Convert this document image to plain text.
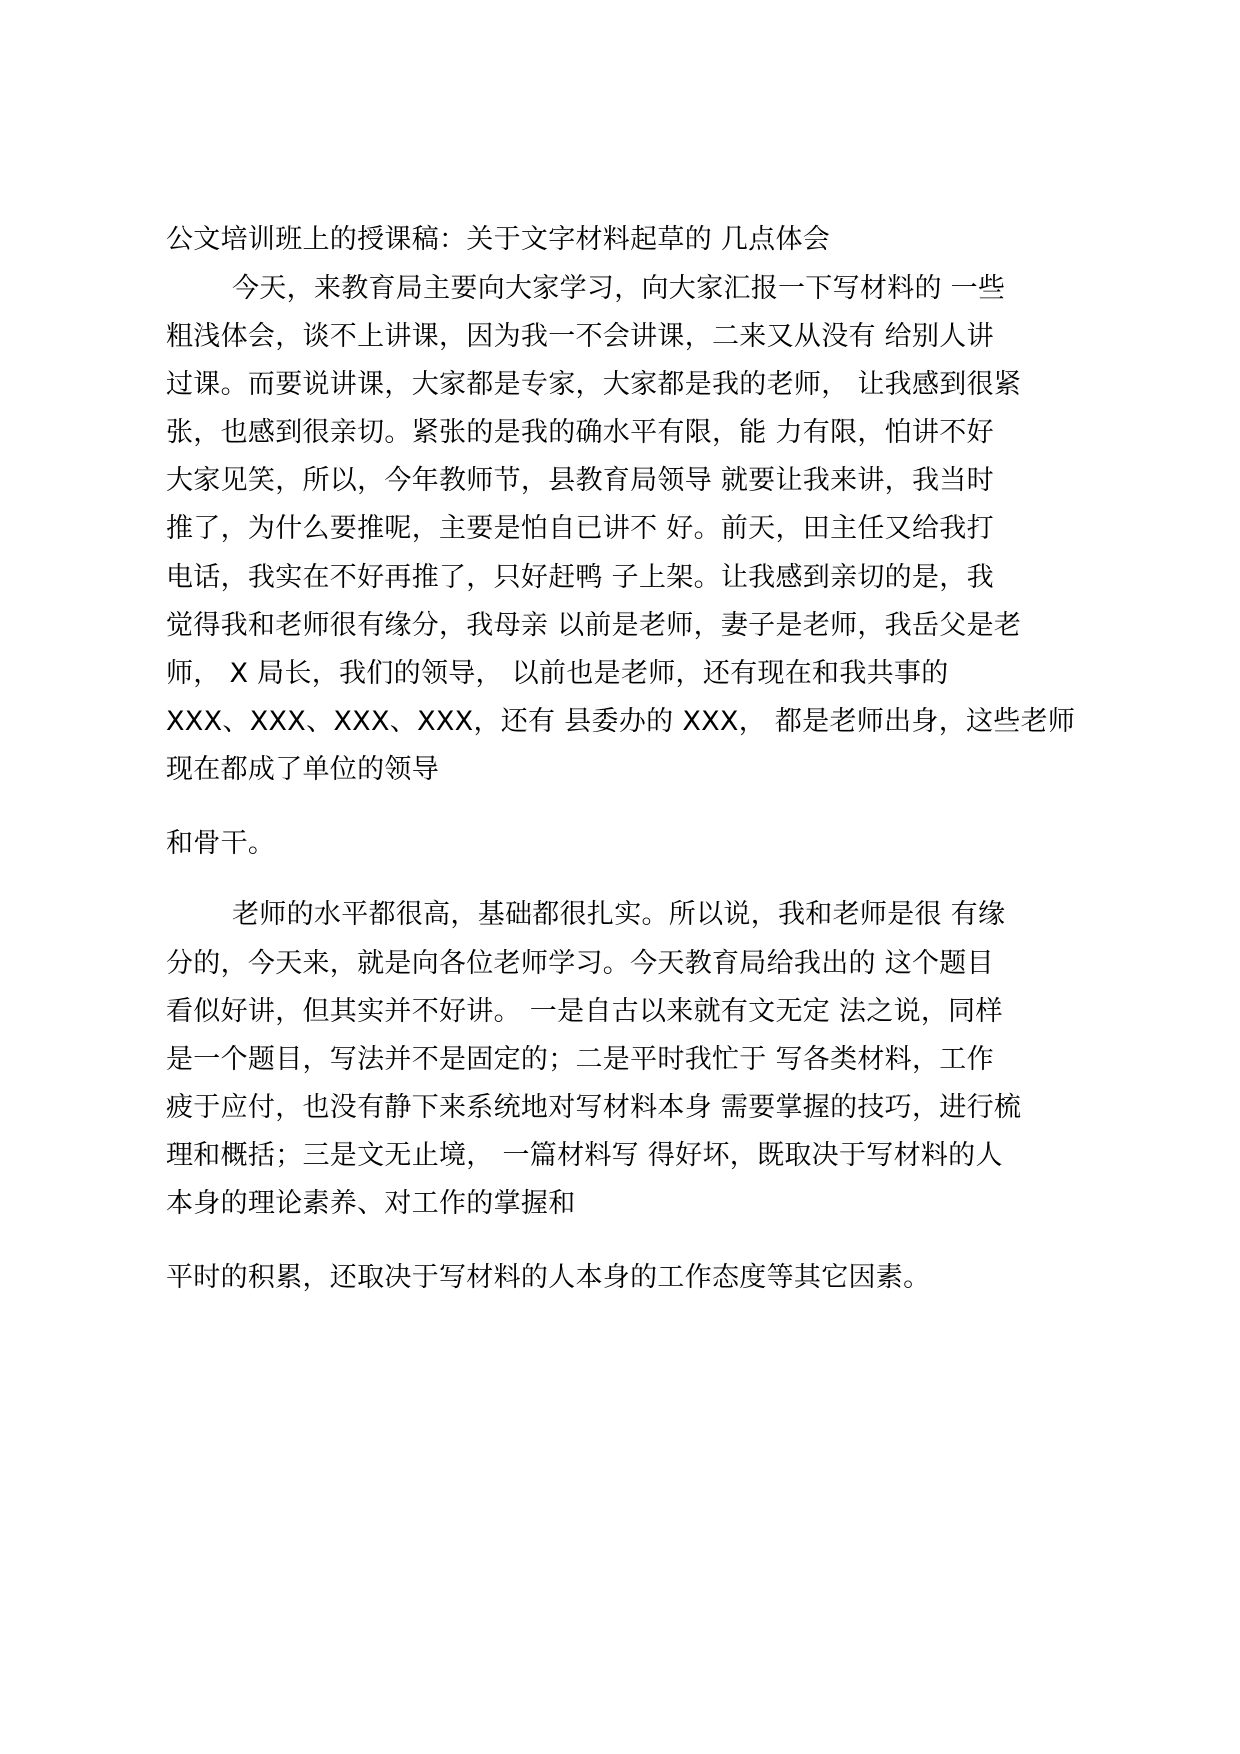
公文培训班上的授课稿：关于文字材料起草的 几点体会

今天，来教育局主要向大家学习，向大家汇报一下写材料的 一些

粗浅体会，谈不上讲课，因为我一不会讲课，二来又从没有 给别人讲

过课。而要说讲课，大家都是专家，大家都是我的老师， 让我感到很紧

张，也感到很亲切。紧张的是我的确水平有限，能 力有限，怕讲不好

大家见笑，所以，今年教师节，县教育局领导 就要让我来讲，我当时

推了，为什么要推呢，主要是怕自已讲不 好。前天，田主任又给我打

电话，我实在不好再推了，只好赶鸭 子上架。让我感到亲切的是，我

觉得我和老师很有缘分，我母亲 以前是老师，妻子是老师，我岳父是老

师， X 局长，我们的领导， 以前也是老师，还有现在和我共事的

XXX、XXX、XXX、XXX，还有 县委办的 XXX， 都是老师出身，这些老师

现在都成了单位的领导

和骨干。

老师的水平都很高，基础都很扎实。所以说，我和老师是很 有缘

分的，今天来，就是向各位老师学习。今天教育局给我出的 这个题目

看似好讲，但其实并不好讲。 一是自古以来就有文无定 法之说，同样

是一个题目，写法并不是固定的；二是平时我忙于 写各类材料，工作

疲于应付，也没有静下来系统地对写材料本身 需要掌握的技巧，进行梳

理和概括；三是文无止境， 一篇材料写 得好坏，既取决于写材料的人

本身的理论素养、对工作的掌握和

平时的积累，还取决于写材料的人本身的工作态度等其它因素。
